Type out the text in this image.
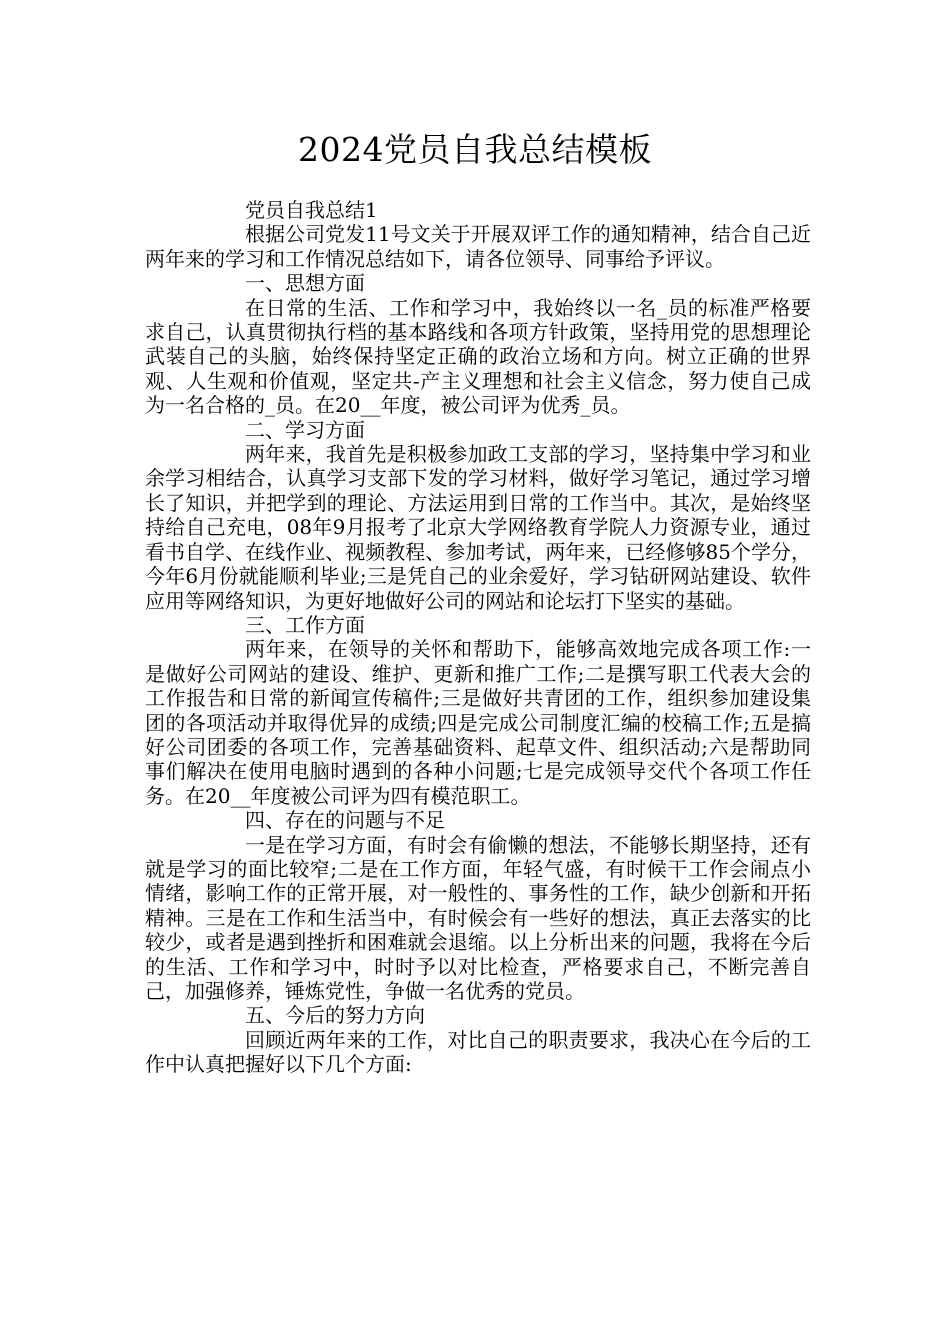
2024党员自我总结模板

党员自我总结1

根据公司党发11号文关于开展双评工作的通知精神，结合自己近两年来的学习和工作情况总结如下，请各位领导、同事给予评议。

一、思想方面

在日常的生活、工作和学习中，我始终以一名_员的标准严格要求自己，认真贯彻执行档的基本路线和各项方针政策，坚持用党的思想理论武装自己的头脑，始终保持坚定正确的政治立场和方向。树立正确的世界观、人生观和价值观，坚定共-产主义理想和社会主义信念，努力使自己成为一名合格的_员。在20__年度，被公司评为优秀_员。

二、学习方面

两年来，我首先是积极参加政工支部的学习，坚持集中学习和业余学习相结合，认真学习支部下发的学习材料，做好学习笔记，通过学习增长了知识，并把学到的理论、方法运用到日常的工作当中。其次，是始终坚持给自己充电，08年9月报考了北京大学网络教育学院人力资源专业，通过看书自学、在线作业、视频教程、参加考试，两年来，已经修够85个学分，今年6月份就能顺利毕业;三是凭自己的业余爱好，学习钻研网站建设、软件应用等网络知识，为更好地做好公司的网站和论坛打下坚实的基础。

三、工作方面

两年来，在领导的关怀和帮助下，能够高效地完成各项工作:一是做好公司网站的建设、维护、更新和推广工作;二是撰写职工代表大会的工作报告和日常的新闻宣传稿件;三是做好共青团的工作，组织参加建设集团的各项活动并取得优异的成绩;四是完成公司制度汇编的校稿工作;五是搞好公司团委的各项工作，完善基础资料、起草文件、组织活动;六是帮助同事们解决在使用电脑时遇到的各种小问题;七是完成领导交代个各项工作任务。在20__年度被公司评为四有模范职工。

四、存在的问题与不足

一是在学习方面，有时会有偷懒的想法，不能够长期坚持，还有就是学习的面比较窄;二是在工作方面，年轻气盛，有时候干工作会闹点小情绪，影响工作的正常开展，对一般性的、事务性的工作，缺少创新和开拓精神。三是在工作和生活当中，有时候会有一些好的想法，真正去落实的比较少，或者是遇到挫折和困难就会退缩。以上分析出来的问题，我将在今后的生活、工作和学习中，时时予以对比检查，严格要求自己，不断完善自己，加强修养，锤炼党性，争做一名优秀的党员。

五、今后的努力方向

回顾近两年来的工作，对比自己的职责要求，我决心在今后的工作中认真把握好以下几个方面:
